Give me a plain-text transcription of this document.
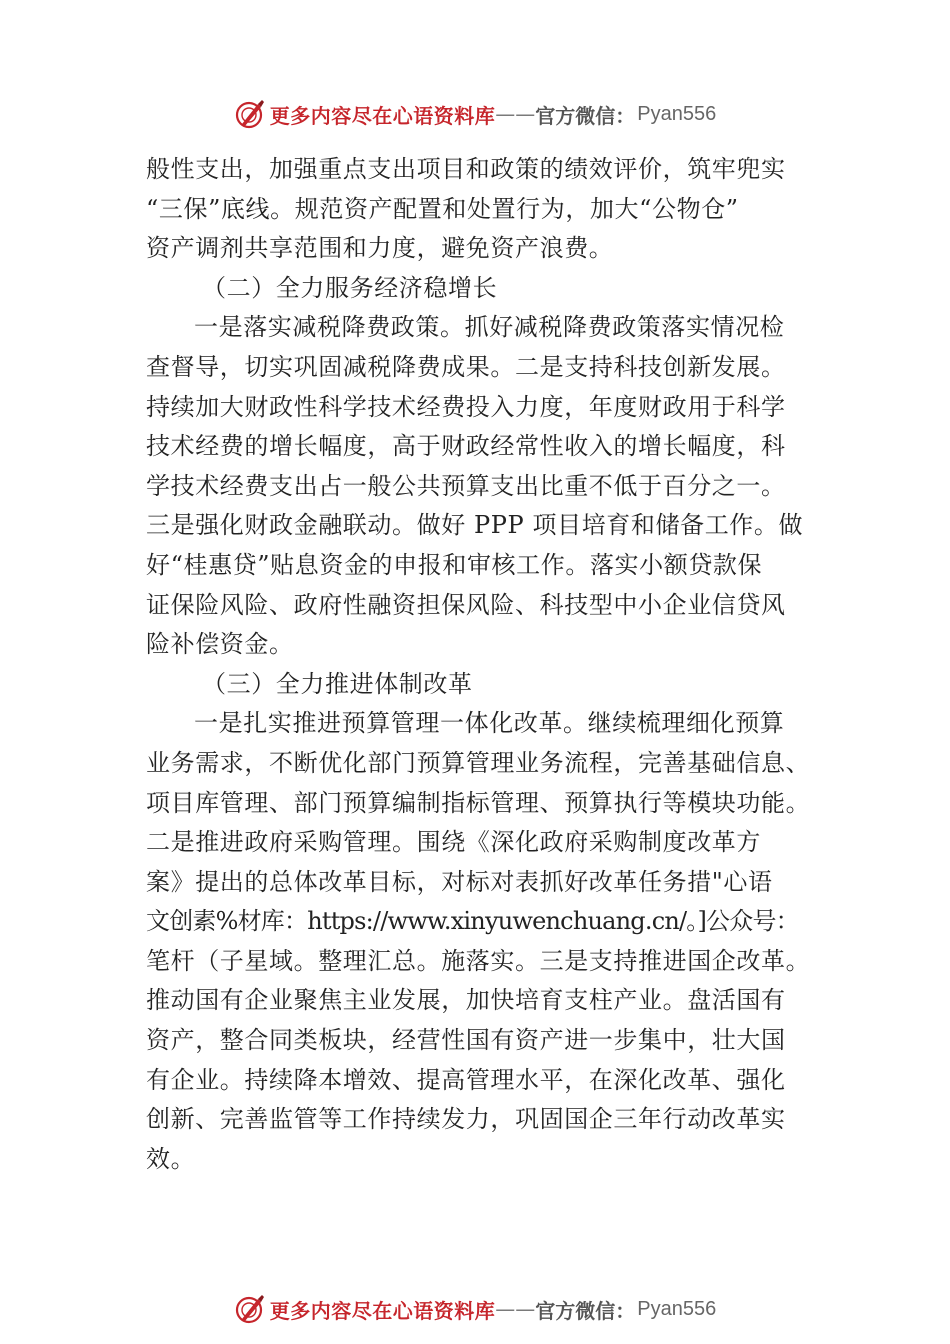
更多内容尽在心语资料库 —— 官方微信： Pyan556
般性支出，加强重点支出项目和政策的绩效评价，筑牢兜实
“三保”底线。规范资产配置和处置行为，加大“公物仓”
资产调剂共享范围和力度，避免资产浪费。
（二）全力服务经济稳增长
一是落实减税降费政策。抓好减税降费政策落实情况检
查督导，切实巩固减税降费成果。二是支持科技创新发展。
持续加大财政性科学技术经费投入力度，年度财政用于科学
技术经费的增长幅度，高于财政经常性收入的增长幅度，科
学技术经费支出占一般公共预算支出比重不低于百分之一。
三是强化财政金融联动。做好 PPP 项目培育和储备工作。做
好“桂惠贷”贴息资金的申报和审核工作。落实小额贷款保
证保险风险、政府性融资担保风险、科技型中小企业信贷风
险补偿资金。
（三）全力推进体制改革
一是扎实推进预算管理一体化改革。继续梳理细化预算
业务需求，不断优化部门预算管理业务流程，完善基础信息、
项目库管理、部门预算编制指标管理、预算执行等模块功能。
二是推进政府采购管理。围绕《深化政府采购制度改革方
案》提出的总体改革目标，对标对表抓好改革任务措"心语
文创素%材库：https://www.xinyuwenchuang.cn/。]公众号：
笔杆（子星域。整理汇总。施落实。三是支持推进国企改革。
推动国有企业聚焦主业发展，加快培育支柱产业。盘活国有
资产，整合同类板块，经营性国有资产进一步集中，壮大国
有企业。持续降本增效、提高管理水平，在深化改革、强化
创新、完善监管等工作持续发力，巩固国企三年行动改革实
效。
更多内容尽在心语资料库 —— 官方微信： Pyan556
